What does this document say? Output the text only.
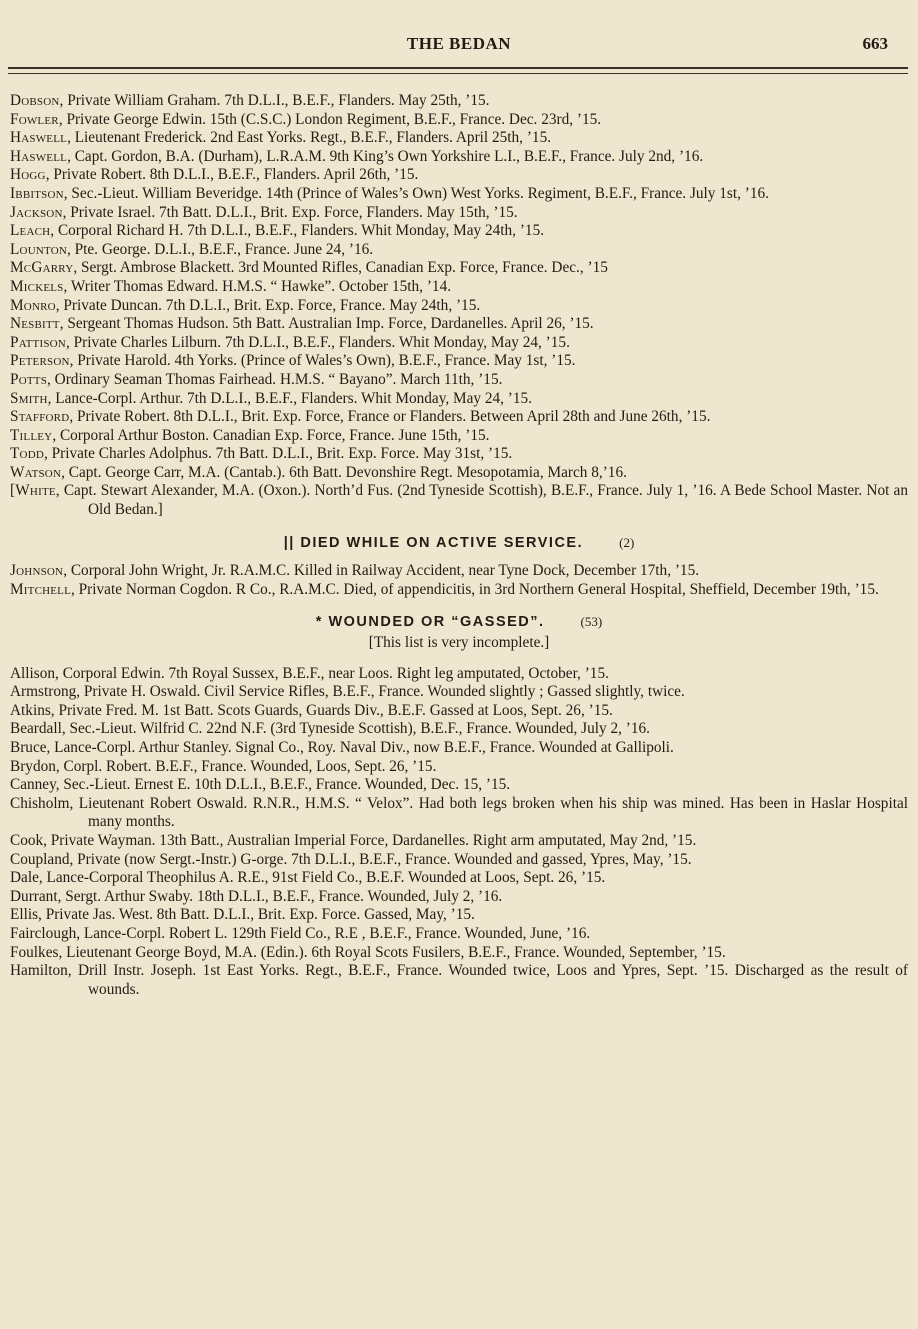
THE BEDAN	663
Dobson, Private William Graham. 7th D.L.I., B.E.F., Flanders. May 25th, ’15.
Fowler, Private George Edwin. 15th (C.S.C.) London Regiment, B.E.F., France. Dec. 23rd, ’15.
Haswell, Lieutenant Frederick. 2nd East Yorks. Regt., B.E.F., Flanders. April 25th, ’15.
Haswell, Capt. Gordon, B.A. (Durham), L.R.A.M. 9th King’s Own Yorkshire L.I., B.E.F., France. July 2nd, ’16.
Hogg, Private Robert. 8th D.L.I., B.E.F., Flanders. April 26th, ’15.
Ibbitson, Sec.-Lieut. William Beveridge. 14th (Prince of Wales’s Own) West Yorks. Regiment, B.E.F., France. July 1st, ’16.
Jackson, Private Israel. 7th Batt. D.L.I., Brit. Exp. Force, Flanders. May 15th, ’15.
Leach, Corporal Richard H. 7th D.L.I., B.E.F., Flanders. Whit Monday, May 24th, ’15.
Lounton, Pte. George. D.L.I., B.E.F., France. June 24, ’16.
McGarry, Sergt. Ambrose Blackett. 3rd Mounted Rifles, Canadian Exp. Force, France. Dec., ’15
Mickels, Writer Thomas Edward. H.M.S. “ Hawke”. October 15th, ’14.
Monro, Private Duncan. 7th D.L.I., Brit. Exp. Force, France. May 24th, ’15.
Nesbitt, Sergeant Thomas Hudson. 5th Batt. Australian Imp. Force, Dardanelles. April 26, ’15.
Pattison, Private Charles Lilburn. 7th D.L.I., B.E.F., Flanders. Whit Monday, May 24, ’15.
Peterson, Private Harold. 4th Yorks. (Prince of Wales’s Own), B.E.F., France. May 1st, ’15.
Potts, Ordinary Seaman Thomas Fairhead. H.M.S. “ Bayano”. March 11th, ’15.
Smith, Lance-Corpl. Arthur. 7th D.L.I., B.E.F., Flanders. Whit Monday, May 24, ’15.
Stafford, Private Robert. 8th D.L.I., Brit. Exp. Force, France or Flanders. Between April 28th and June 26th, ’15.
Tilley, Corporal Arthur Boston. Canadian Exp. Force, France. June 15th, ’15.
Todd, Private Charles Adolphus. 7th Batt. D.L.I., Brit. Exp. Force. May 31st, ’15.
Watson, Capt. George Carr, M.A. (Cantab.). 6th Batt. Devonshire Regt. Mesopotamia, March 8,’16.
[White, Capt. Stewart Alexander, M.A. (Oxon.). North’d Fus. (2nd Tyneside Scottish), B.E.F., France. July 1, ’16. A Bede School Master. Not an Old Bedan.]
|| DIED WHILE ON ACTIVE SERVICE.	(2)
Johnson, Corporal John Wright, Jr. R.A.M.C. Killed in Railway Accident, near Tyne Dock, December 17th, ’15.
Mitchell, Private Norman Cogdon. R Co., R.A.M.C. Died, of appendicitis, in 3rd Northern General Hospital, Sheffield, December 19th, ’15.
* WOUNDED OR “GASSED”.	(53)
[This list is very incomplete.]
Allison, Corporal Edwin. 7th Royal Sussex, B.E.F., near Loos. Right leg amputated, October, ’15.
Armstrong, Private H. Oswald. Civil Service Rifles, B.E.F., France. Wounded slightly ; Gassed slightly, twice.
Atkins, Private Fred. M. 1st Batt. Scots Guards, Guards Div., B.E.F. Gassed at Loos, Sept. 26, ’15.
Beardall, Sec.-Lieut. Wilfrid C. 22nd N.F. (3rd Tyneside Scottish), B.E.F., France. Wounded, July 2, ’16.
Bruce, Lance-Corpl. Arthur Stanley. Signal Co., Roy. Naval Div., now B.E.F., France. Wounded at Gallipoli.
Brydon, Corpl. Robert. B.E.F., France. Wounded, Loos, Sept. 26, ’15.
Canney, Sec.-Lieut. Ernest E. 10th D.L.I., B.E.F., France. Wounded, Dec. 15, ’15.
Chisholm, Lieutenant Robert Oswald. R.N.R., H.M.S. “ Velox”. Had both legs broken when his ship was mined. Has been in Haslar Hospital many months.
Cook, Private Wayman. 13th Batt., Australian Imperial Force, Dardanelles. Right arm amputated, May 2nd, ’15.
Coupland, Private (now Sergt.-Instr.) G-orge. 7th D.L.I., B.E.F., France. Wounded and gassed, Ypres, May, ’15.
Dale, Lance-Corporal Theophilus A. R.E., 91st Field Co., B.E.F. Wounded at Loos, Sept. 26, ’15.
Durrant, Sergt. Arthur Swaby. 18th D.L.I., B.E.F., France. Wounded, July 2, ’16.
Ellis, Private Jas. West. 8th Batt. D.L.I., Brit. Exp. Force. Gassed, May, ’15.
Fairclough, Lance-Corpl. Robert L. 129th Field Co., R.E , B.E.F., France. Wounded, June, ’16.
Foulkes, Lieutenant George Boyd, M.A. (Edin.). 6th Royal Scots Fusilers, B.E.F., France. Wounded, September, ’15.
Hamilton, Drill Instr. Joseph. 1st East Yorks. Regt., B.E.F., France. Wounded twice, Loos and Ypres, Sept. ’15. Discharged as the result of wounds.
